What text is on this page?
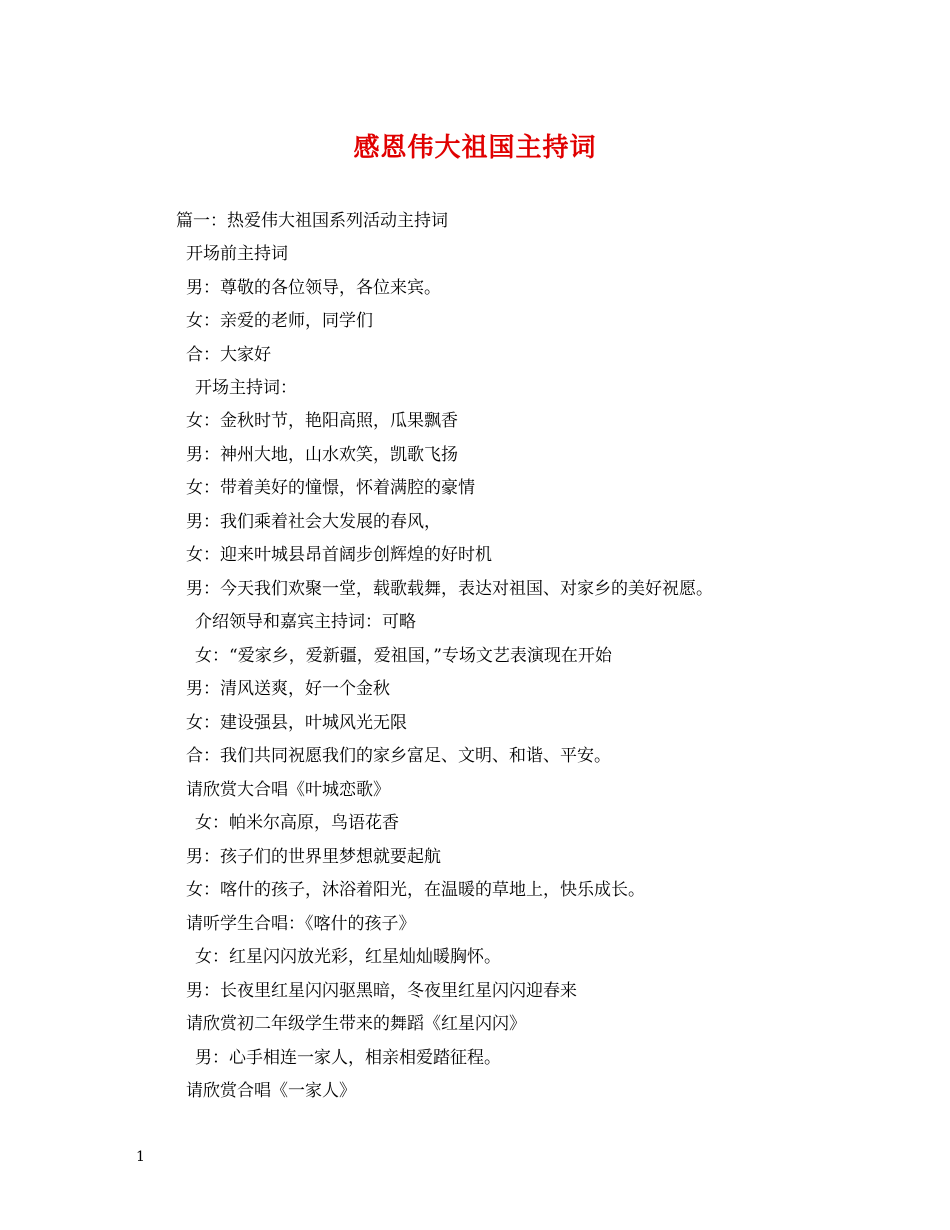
感恩伟大祖国主持词
篇一：热爱伟大祖国系列活动主持词
开场前主持词
男：尊敬的各位领导，各位来宾。
女：亲爱的老师，同学们
合：大家好
开场主持词：
女：金秋时节，艳阳高照，瓜果飘香
男：神州大地，山水欢笑，凯歌飞扬
女：带着美好的憧憬，怀着满腔的豪情
男：我们乘着社会大发展的春风，
女：迎来叶城县昂首阔步创辉煌的好时机
男：今天我们欢聚一堂，载歌载舞，表达对祖国、对家乡的美好祝愿。
介绍领导和嘉宾主持词：可略
女：“爱家乡，爱新疆，爱祖国，”专场文艺表演现在开始
男：清风送爽，好一个金秋
女：建设强县，叶城风光无限
合：我们共同祝愿我们的家乡富足、文明、和谐、平安。
请欣赏大合唱《叶城恋歌》
女：帕米尔高原，鸟语花香
男：孩子们的世界里梦想就要起航
女：喀什的孩子，沐浴着阳光，在温暖的草地上，快乐成长。
请听学生合唱：《喀什的孩子》
女：红星闪闪放光彩，红星灿灿暖胸怀。
男：长夜里红星闪闪驱黑暗，冬夜里红星闪闪迎春来
请欣赏初二年级学生带来的舞蹈《红星闪闪》
男：心手相连一家人，相亲相爱踏征程。
请欣赏合唱《一家人》
1
